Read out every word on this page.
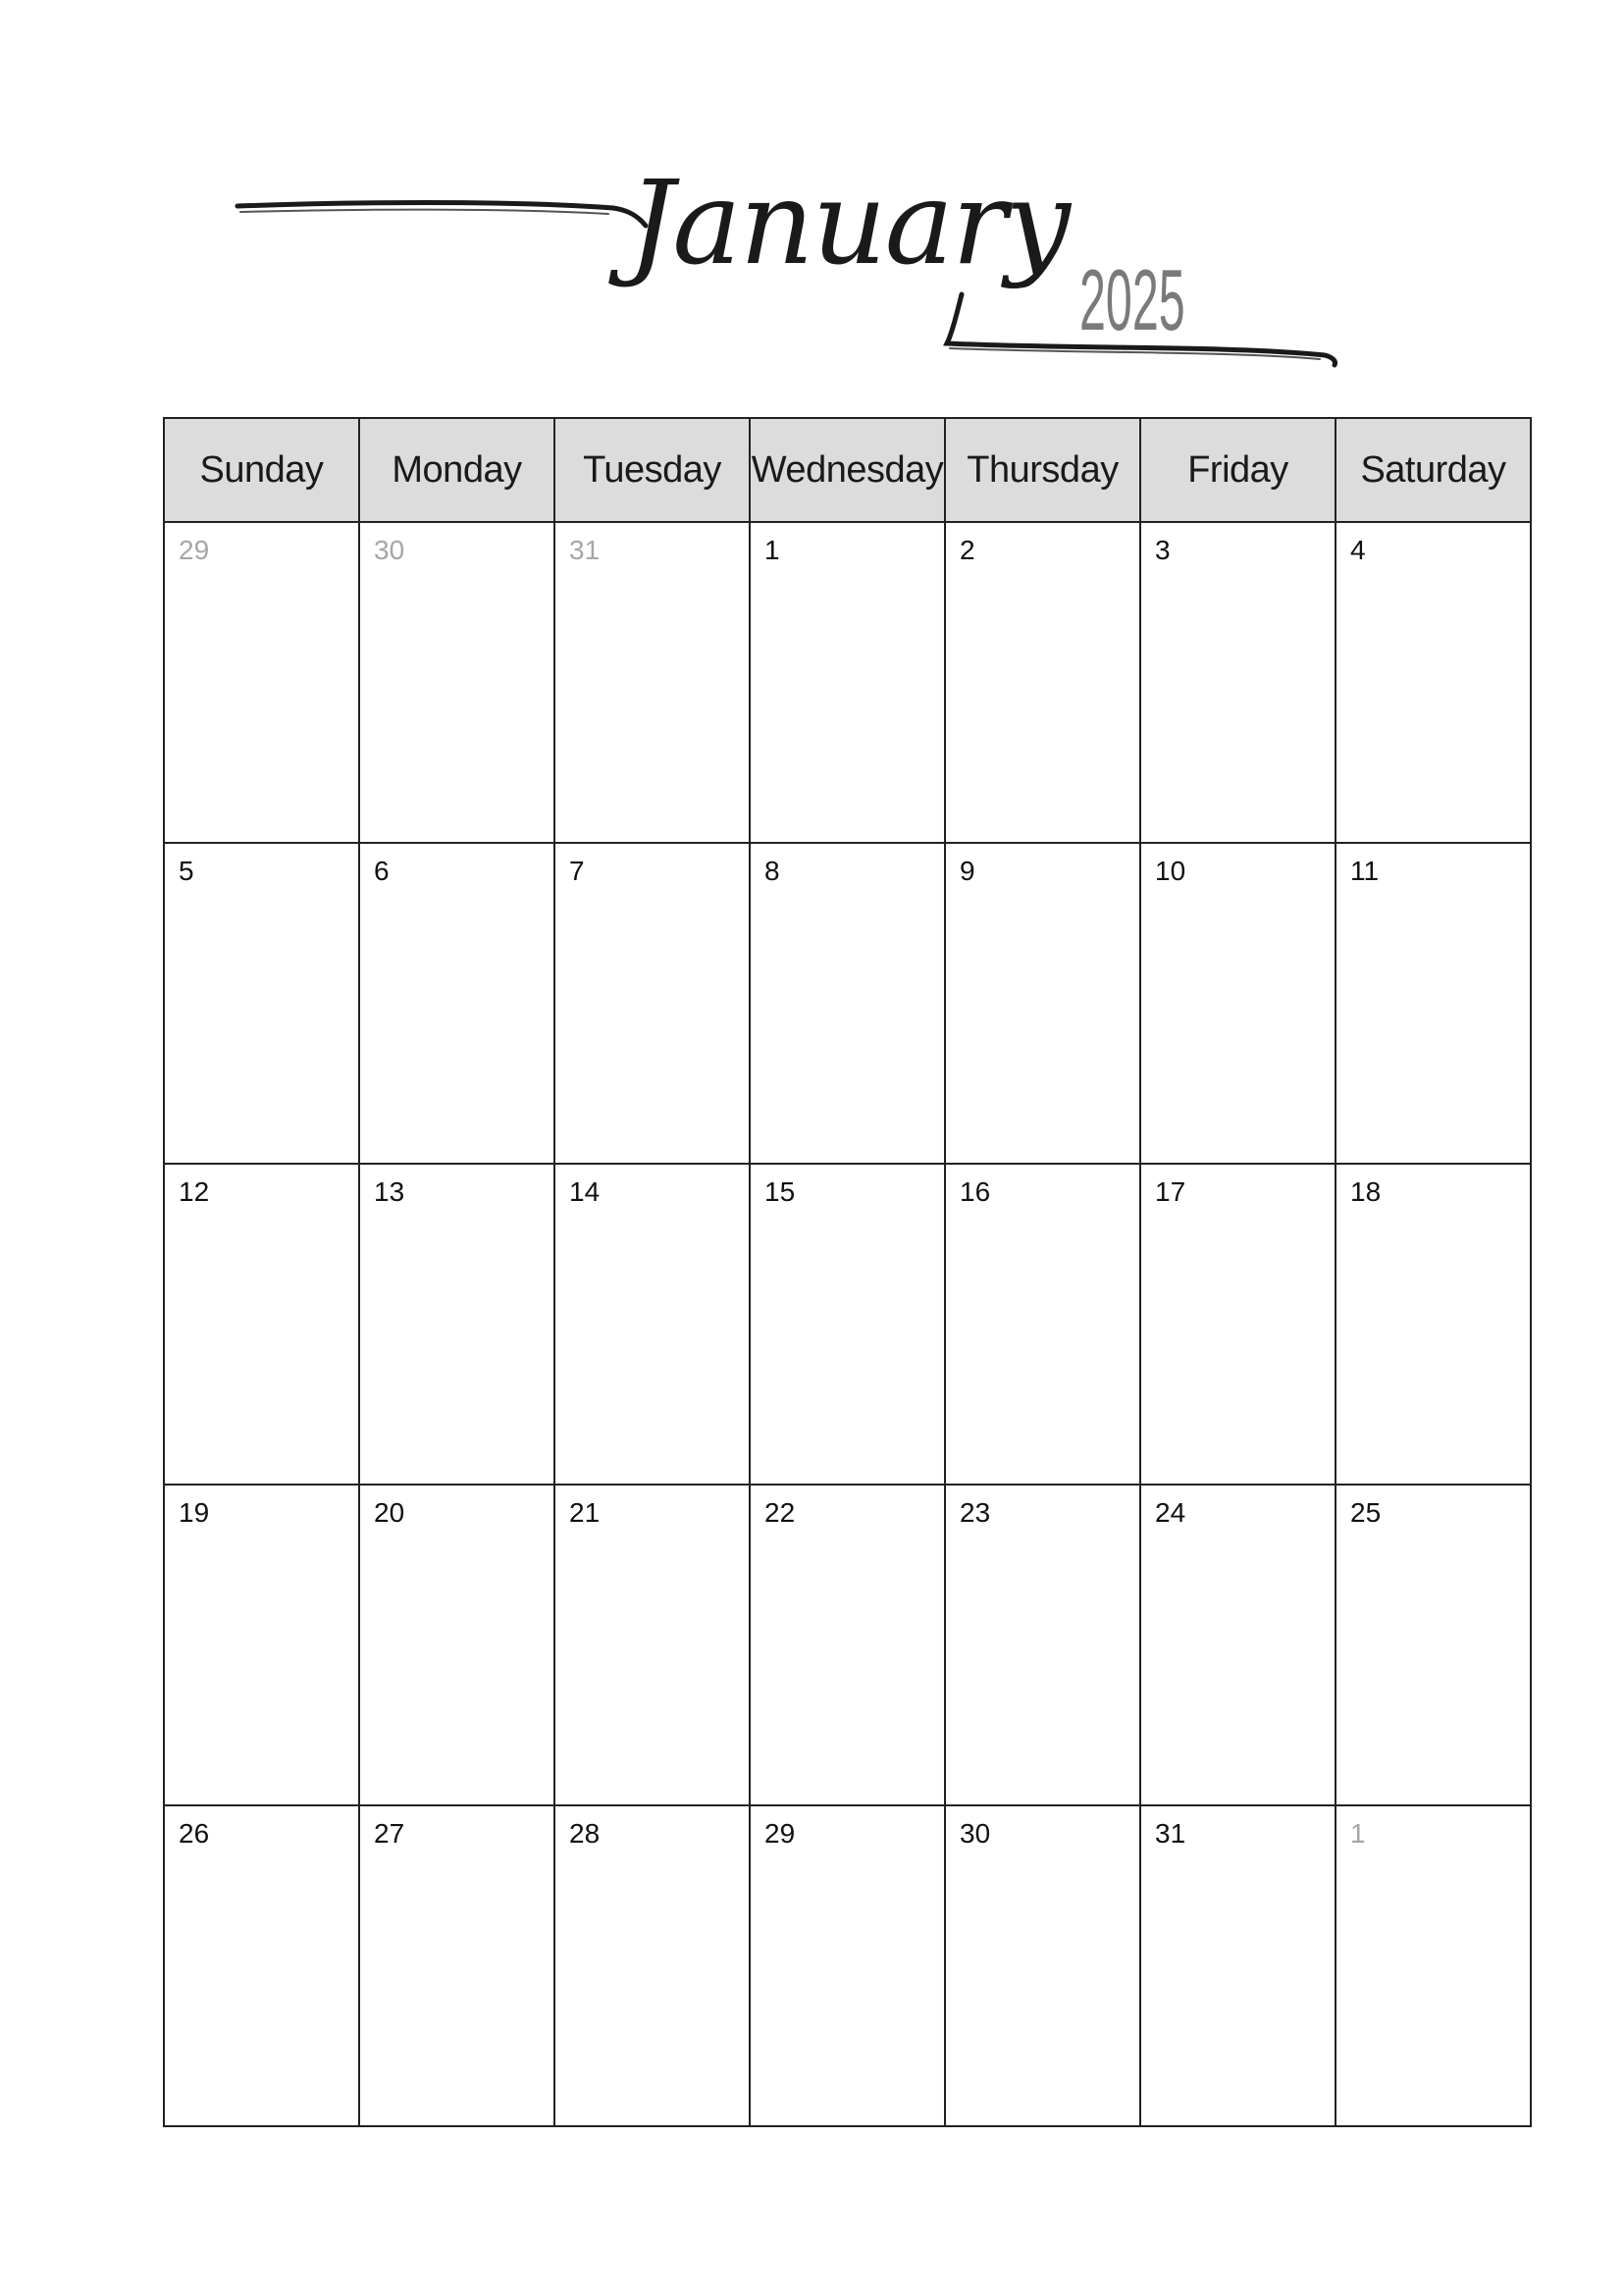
January
2025
Sunday	Monday	Tuesday	Wednesday	Thursday	Friday	Saturday

29	30	31	1	2	3	4

5	6	7	8	9	10	11

12	13	14	15	16	17	18

19	20	21	22	23	24	25

26	27	28	29	30	31	1
